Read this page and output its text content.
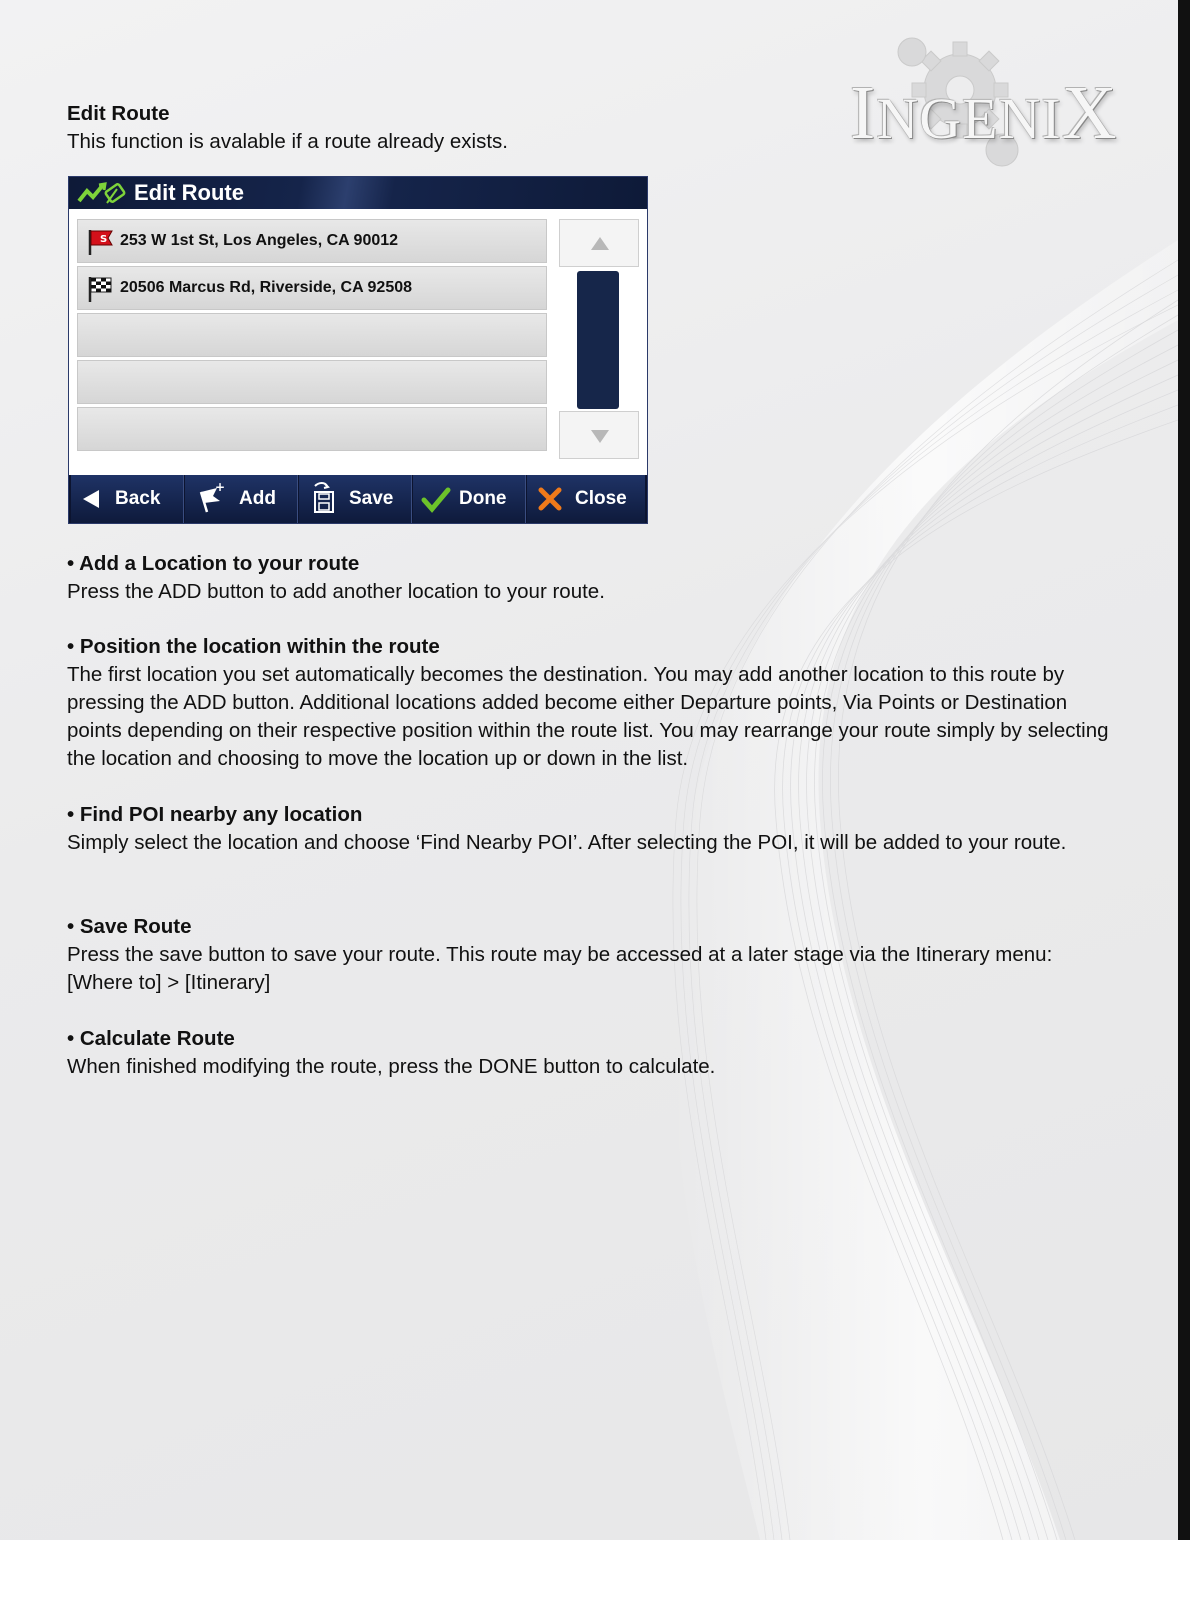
INGENIX

Edit Route

This function is avalable if a route already exists.

Edit Route
S 253 W 1st St, Los Angeles, CA 90012
20506 Marcus Rd, Riverside, CA 92508
Back
+
Add	Save	Done	Close

• Add a Location to your route

Press the ADD button to add another location to your route.

• Position the location within the route

The first location you set automatically becomes the destination. You may add another location to this route by pressing the ADD button. Additional locations added become either Departure points, Via Points or Destination points depending on their respective position within the route list. You may rearrange your route simply by selecting the location and choosing to move the location up or down in the list.

• Find POI nearby any location

Simply select the location and choose ‘Find Nearby POI’. After selecting the POI, it will be added to your route.

• Save Route

Press the save button to save your route. This route may be accessed at a later stage via the Itinerary menu: [Where to] > [Itinerary]

• Calculate Route

When finished modifying the route, press the DONE button to calculate.
